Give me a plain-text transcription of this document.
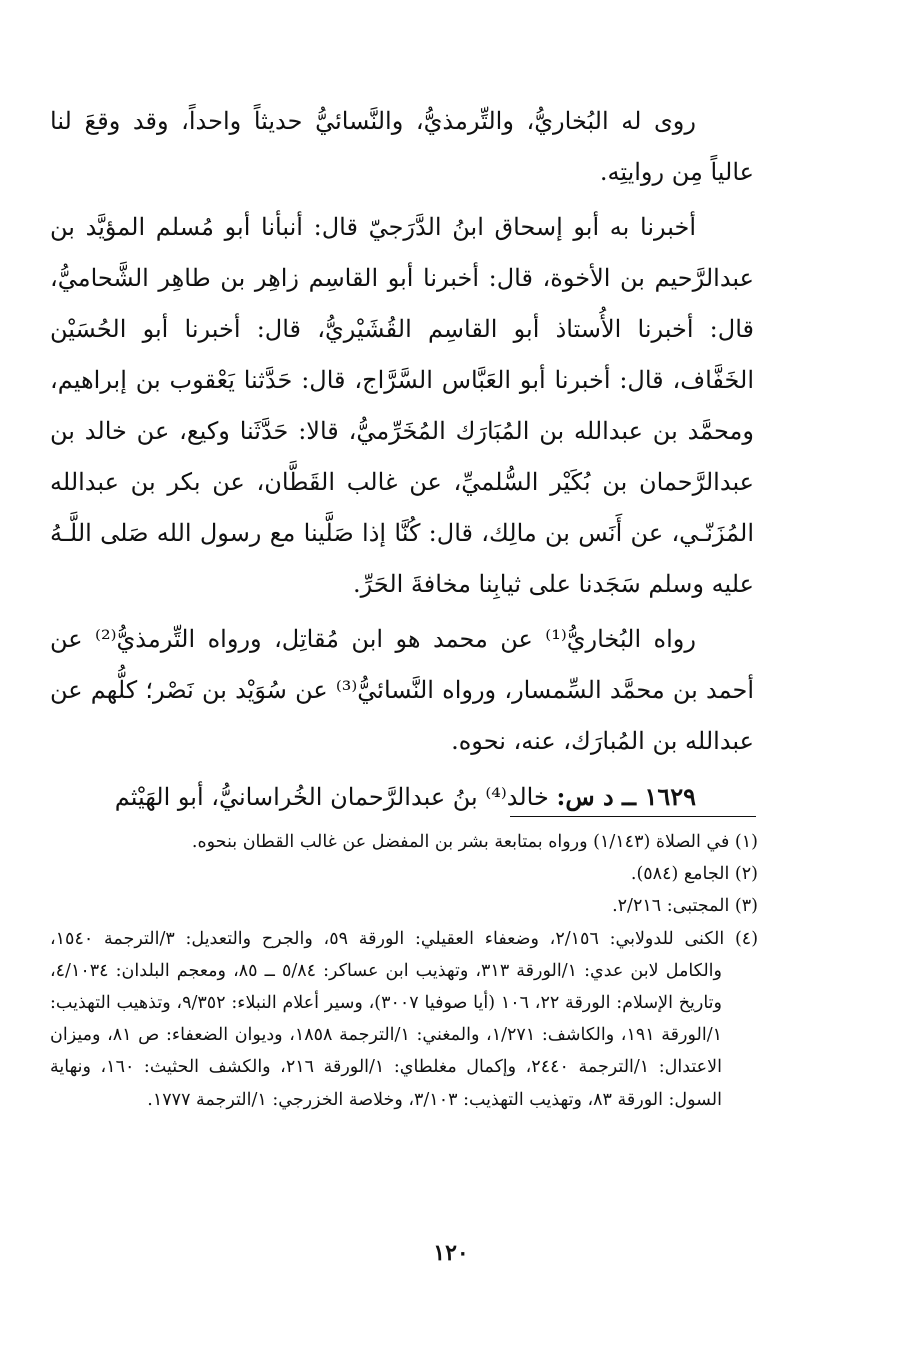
روى له البُخاريُّ، والتِّرمذيُّ، والنَّسائيُّ حديثاً واحداً، وقد وقعَ لنا عالياً مِن روايتِه.

أخبرنا به أبو إسحاق ابنُ الدَّرَجيّ قال: أنبأنا أبو مُسلم المؤيَّد بن عبدالرَّحيم بن الأخوة، قال: أخبرنا أبو القاسِم زاهِر بن طاهِر الشَّحاميُّ، قال: أخبرنا الأُستاذ أبو القاسِم القُشَيْريُّ، قال: أخبرنا أبو الحُسَيْن الخَفَّاف، قال: أخبرنا أبو العَبَّاس السَّرَّاج، قال: حَدَّثنا يَعْقوب بن إبراهيم، ومحمَّد بن عبدالله بن المُبَارَك المُخَرِّميُّ، قالا: حَدَّثَنا وكيع، عن خالد بن عبدالرَّحمان بن بُكَيْر السُّلميِّ، عن غالب القَطَّان، عن بكر بن عبدالله المُزَنّـي، عن أَنَس بن مالِك، قال: كُنَّا إذا صَلَّينا مع رسول الله صَلى اللَّـهُ عليه وسلم سَجَدنا على ثيابِنا مخافةَ الحَرِّ.

رواه البُخاريُّ⁽¹⁾ عن محمد هو ابن مُقاتِل، ورواه التِّرمذيُّ⁽²⁾ عن أحمد بن محمَّد السِّمسار، ورواه النَّسائيُّ⁽³⁾ عن سُوَيْد بن نَصْر؛ كلُّهم عن عبدالله بن المُبارَك، عنه، نحوه.

١٦٢٩ ــ د س: خالد⁽⁴⁾ بنُ عبدالرَّحمان الخُراسانيُّ، أبو الهَيْثم

(١) في الصلاة (١/١٤٣) ورواه بمتابعة بشر بن المفضل عن غالب القطان بنحوه.

(٢) الجامع (٥٨٤).

(٣) المجتبى: ٢/٢١٦.

(٤) الكنى للدولابي: ٢/١٥٦، وضعفاء العقيلي: الورقة ٥٩، والجرح والتعديل: ٣/الترجمة ١٥٤٠، والكامل لابن عدي: ١/الورقة ٣١٣، وتهذيب ابن عساكر: ٥/٨٤ ــ ٨٥، ومعجم البلدان: ٤/١٠٣٤، وتاريخ الإسلام: الورقة ٢٢، ١٠٦ (أيا صوفيا ٣٠٠٧)، وسير أعلام النبلاء: ٩/٣٥٢، وتذهيب التهذيب: ١/الورقة ١٩١، والكاشف: ١/٢٧١، والمغني: ١/الترجمة ١٨٥٨، وديوان الضعفاء: ص ٨١، وميزان الاعتدال: ١/الترجمة ٢٤٤٠، وإكمال مغلطاي: ١/الورقة ٢١٦، والكشف الحثيث: ١٦٠، ونهاية السول: الورقة ٨٣، وتهذيب التهذيب: ٣/١٠٣، وخلاصة الخزرجي: ١/الترجمة ١٧٧٧.

١٢٠
